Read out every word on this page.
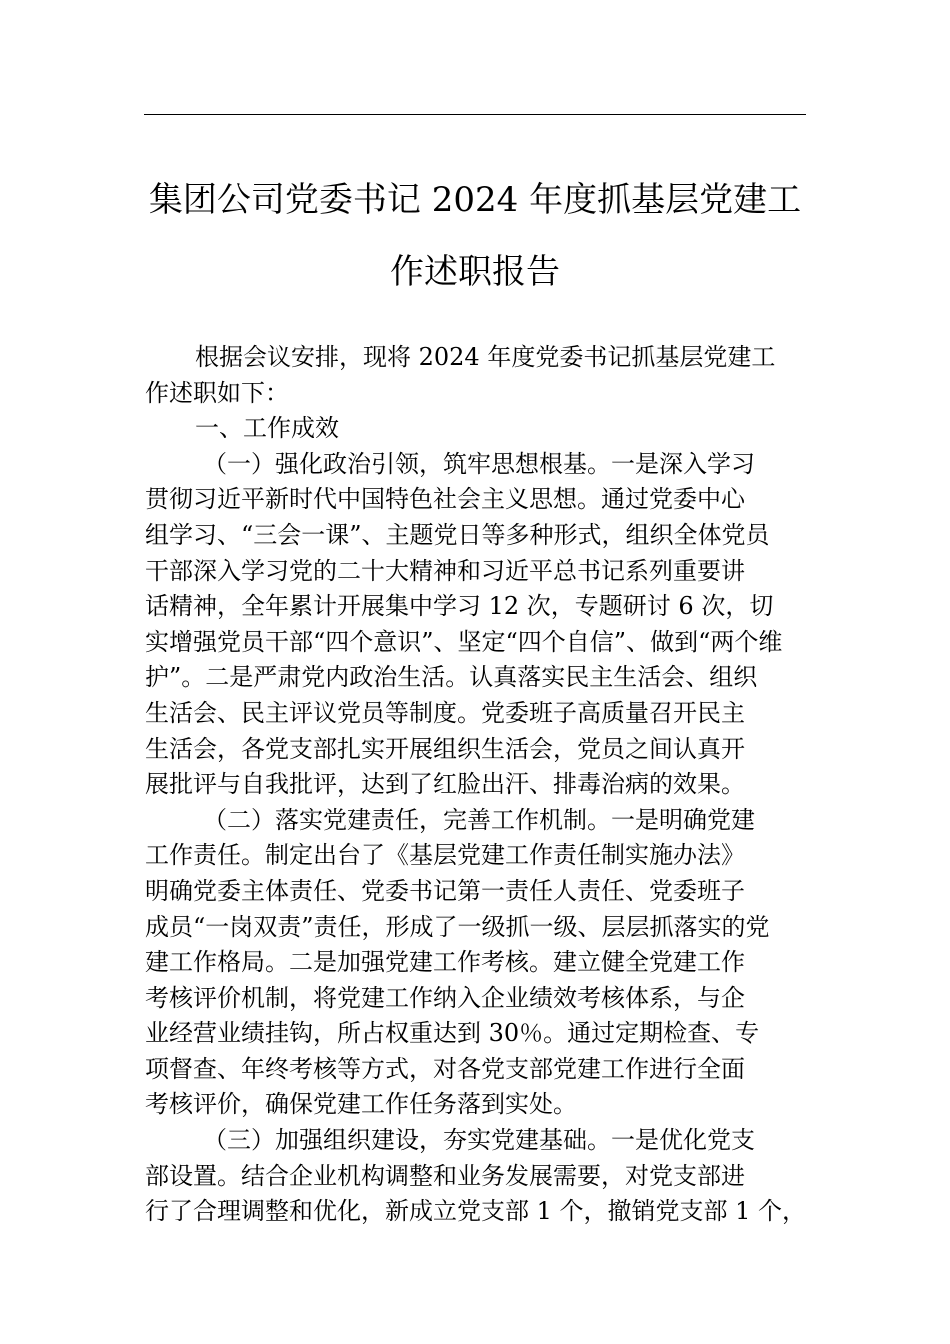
集团公司党委书记 2024 年度抓基层党建工
作述职报告
根据会议安排，现将 2024 年度党委书记抓基层党建工
作述职如下：
一、工作成效
（一）强化政治引领，筑牢思想根基。一是深入学习
贯彻习近平新时代中国特色社会主义思想。通过党委中心
组学习、“三会一课”、主题党日等多种形式，组织全体党员
干部深入学习党的二十大精神和习近平总书记系列重要讲
话精神，全年累计开展集中学习 12 次，专题研讨 6 次，切
实增强党员干部“四个意识”、坚定“四个自信”、做到“两个维
护”。二是严肃党内政治生活。认真落实民主生活会、组织
生活会、民主评议党员等制度。党委班子高质量召开民主
生活会，各党支部扎实开展组织生活会，党员之间认真开
展批评与自我批评，达到了红脸出汗、排毒治病的效果。
（二）落实党建责任，完善工作机制。一是明确党建
工作责任。制定出台了《基层党建工作责任制实施办法》
明确党委主体责任、党委书记第一责任人责任、党委班子
成员“一岗双责”责任，形成了一级抓一级、层层抓落实的党
建工作格局。二是加强党建工作考核。建立健全党建工作
考核评价机制，将党建工作纳入企业绩效考核体系，与企
业经营业绩挂钩，所占权重达到 30％。通过定期检查、专
项督查、年终考核等方式，对各党支部党建工作进行全面
考核评价，确保党建工作任务落到实处。
（三）加强组织建设，夯实党建基础。一是优化党支
部设置。结合企业机构调整和业务发展需要，对党支部进
行了合理调整和优化，新成立党支部 1 个，撤销党支部 1 个，
